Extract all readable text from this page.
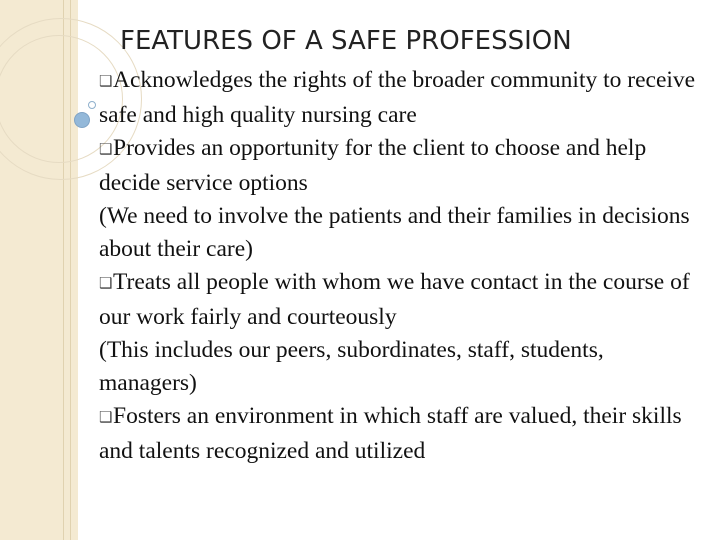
FEATURES OF A SAFE PROFESSION

❑Acknowledges the rights of the broader community to receive safe and high quality nursing care

❑Provides an opportunity for the client to choose and help decide service options

(We need to involve the patients and their families in decisions about their care)

❑Treats all people with whom we have contact in the course of our work fairly and courteously

(This includes our peers, subordinates, staff, students, managers)

❑Fosters an environment in which staff are valued, their skills and talents recognized and utilized
